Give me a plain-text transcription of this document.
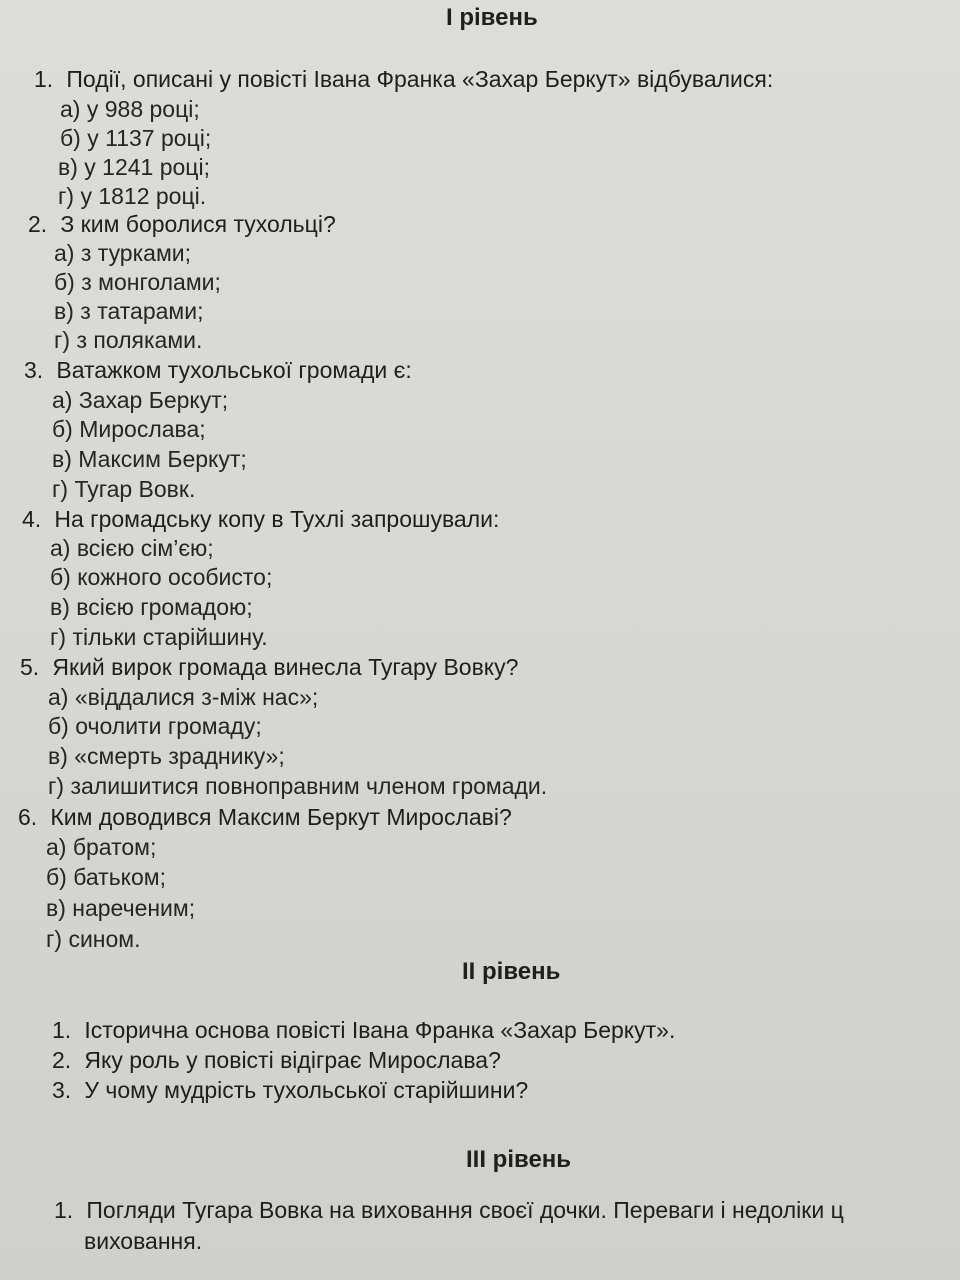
І рівень
1. Події, описані у повісті Івана Франка «Захар Беркут» відбувалися:
а) у 988 році;
б) у 1137 році;
в) у 1241 році;
г) у 1812 році.
2. З ким боролися тухольці?
а) з турками;
б) з монголами;
в) з татарами;
г) з поляками.
3. Ватажком тухольської громади є:
а) Захар Беркут;
б) Мирослава;
в) Максим Беркут;
г) Тугар Вовк.
4. На громадську копу в Тухлі запрошували:
а) всією сім’єю;
б) кожного особисто;
в) всією громадою;
г) тільки старійшину.
5. Який вирок громада винесла Тугару Вовку?
а) «віддалися з-між нас»;
б) очолити громаду;
в) «смерть зраднику»;
г) залишитися повноправним членом громади.
6. Ким доводився Максим Беркут Мирославі?
а) братом;
б) батьком;
в) нареченим;
г) сином.
ІІ рівень
1. Історична основа повісті Івана Франка «Захар Беркут».
2. Яку роль у повісті відіграє Мирослава?
3. У чому мудрість тухольської старійшини?
ІІІ рівень
1. Погляди Тугара Вовка на виховання своєї дочки. Переваги і недоліки ц
виховання.
